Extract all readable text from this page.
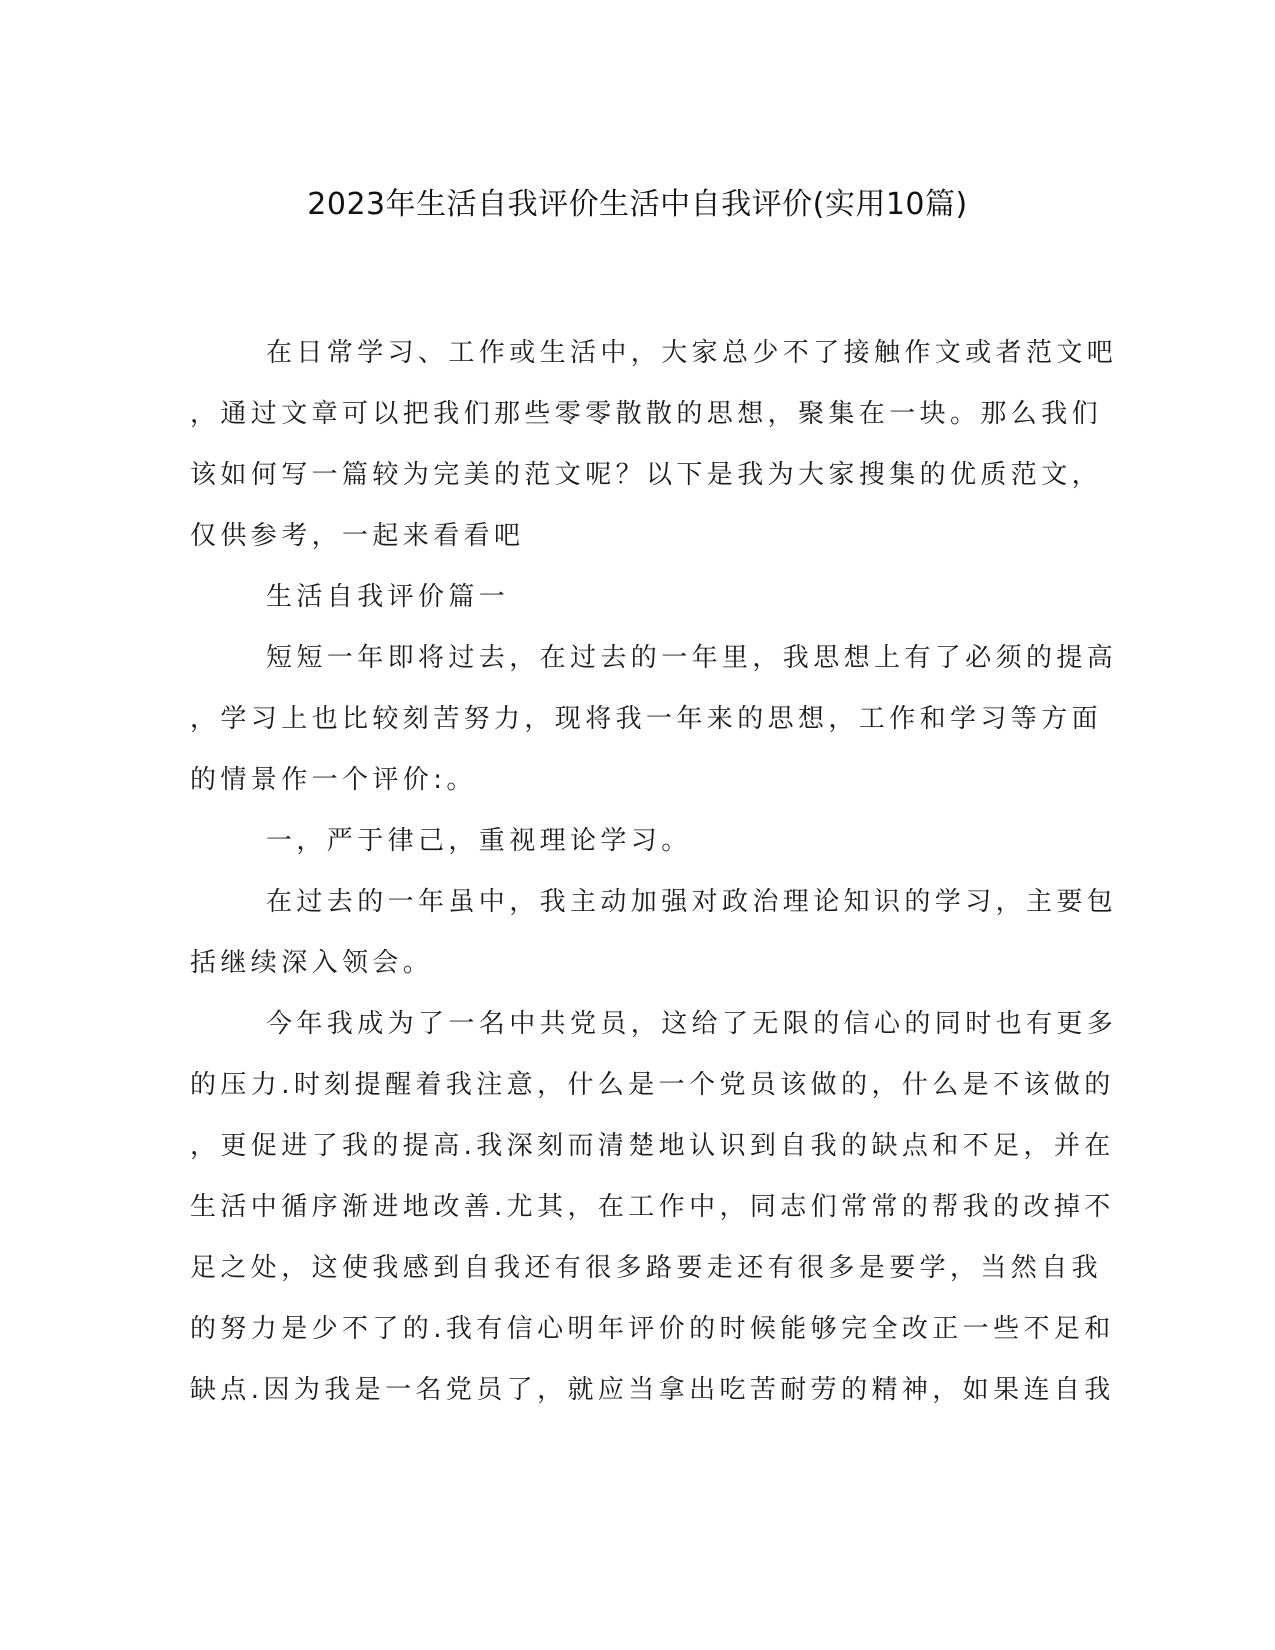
2023年生活自我评价生活中自我评价(实用10篇)
在日常学习、工作或生活中，大家总少不了接触作文或者范文吧
，通过文章可以把我们那些零零散散的思想，聚集在一块。那么我们
该如何写一篇较为完美的范文呢？以下是我为大家搜集的优质范文，
仅供参考，一起来看看吧
生活自我评价篇一
短短一年即将过去，在过去的一年里，我思想上有了必须的提高
，学习上也比较刻苦努力，现将我一年来的思想，工作和学习等方面
的情景作一个评价:。
一，严于律己，重视理论学习。
在过去的一年虽中，我主动加强对政治理论知识的学习，主要包
括继续深入领会。
今年我成为了一名中共党员，这给了无限的信心的同时也有更多
的压力.时刻提醒着我注意，什么是一个党员该做的，什么是不该做的
，更促进了我的提高.我深刻而清楚地认识到自我的缺点和不足，并在
生活中循序渐进地改善.尤其，在工作中，同志们常常的帮我的改掉不
足之处，这使我感到自我还有很多路要走还有很多是要学，当然自我
的努力是少不了的.我有信心明年评价的时候能够完全改正一些不足和
缺点.因为我是一名党员了，就应当拿出吃苦耐劳的精神，如果连自我
